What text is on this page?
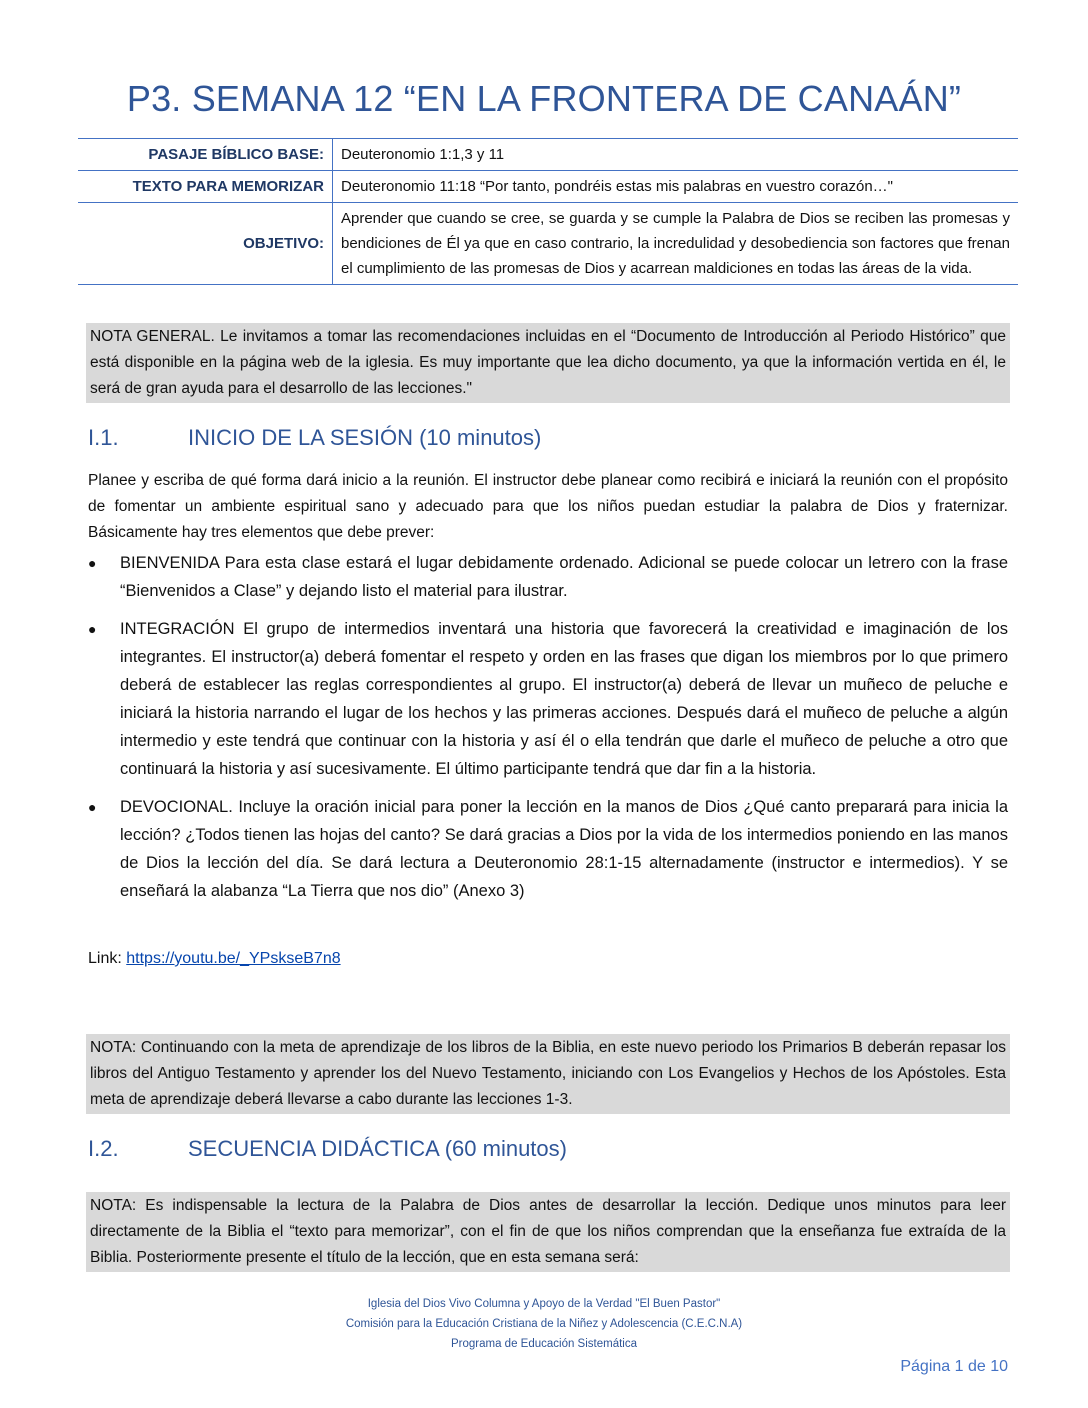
P3. SEMANA 12 “EN LA FRONTERA DE CANAÁN”
PASAJE BÍBLICO BASE:	Deuteronomio 1:1,3 y 11
TEXTO PARA MEMORIZAR	Deuteronomio 11:18 “Por tanto, pondréis estas mis palabras en vuestro corazón…"
OBJETIVO:	Aprender que cuando se cree, se guarda y se cumple la Palabra de Dios se reciben las promesas y bendiciones de Él ya que en caso contrario, la incredulidad y desobediencia son factores que frenan el cumplimiento de las promesas de Dios y acarrean maldiciones en todas las áreas de la vida.
NOTA GENERAL. Le invitamos a tomar las recomendaciones incluidas en el “Documento de Introducción al Periodo Histórico” que está disponible en la página web de la iglesia. Es muy importante que lea dicho documento, ya que la información vertida en él, le será de gran ayuda para el desarrollo de las lecciones."
I.1.	INICIO DE LA SESIÓN (10 minutos)

Planee y escriba de qué forma dará inicio a la reunión. El instructor debe planear como recibirá e iniciará la reunión con el propósito de fomentar un ambiente espiritual sano y adecuado para que los niños puedan estudiar la palabra de Dios y fraternizar. Básicamente hay tres elementos que debe prever:

● BIENVENIDA Para esta clase estará el lugar debidamente ordenado. Adicional se puede colocar un letrero con la frase “Bienvenidos a Clase” y dejando listo el material para ilustrar.
● INTEGRACIÓN El grupo de intermedios inventará una historia que favorecerá la creatividad e imaginación de los integrantes. El instructor(a) deberá fomentar el respeto y orden en las frases que digan los miembros por lo que primero deberá de establecer las reglas correspondientes al grupo. El instructor(a) deberá de llevar un muñeco de peluche e iniciará la historia narrando el lugar de los hechos y las primeras acciones. Después dará el muñeco de peluche a algún intermedio y este tendrá que continuar con la historia y así él o ella tendrán que darle el muñeco de peluche a otro que continuará la historia y así sucesivamente. El último participante tendrá que dar fin a la historia.
● DEVOCIONAL. Incluye la oración inicial para poner la lección en la manos de Dios ¿Qué canto preparará para inicia la lección? ¿Todos tienen las hojas del canto? Se dará gracias a Dios por la vida de los intermedios poniendo en las manos de Dios la lección del día. Se dará lectura a Deuteronomio 28:1-15 alternadamente (instructor e intermedios). Y se enseñará la alabanza “La Tierra que nos dio” (Anexo 3)
Link: https://youtu.be/_YPskseB7n8
NOTA: Continuando con la meta de aprendizaje de los libros de la Biblia, en este nuevo periodo los Primarios B deberán repasar los libros del Antiguo Testamento y aprender los del Nuevo Testamento, iniciando con Los Evangelios y Hechos de los Apóstoles. Esta meta de aprendizaje deberá llevarse a cabo durante las lecciones 1-3.
I.2.	SECUENCIA DIDÁCTICA (60 minutos)
NOTA: Es indispensable la lectura de la Palabra de Dios antes de desarrollar la lección. Dedique unos minutos para leer directamente de la Biblia el “texto para memorizar”, con el fin de que los niños comprendan que la enseñanza fue extraída de la Biblia. Posteriormente presente el título de la lección, que en esta semana será:
Iglesia del Dios Vivo Columna y Apoyo de la Verdad "El Buen Pastor"
Comisión para la Educación Cristiana de la Niñez y Adolescencia (C.E.C.N.A)
Programa de Educación Sistemática
Página 1 de 10
